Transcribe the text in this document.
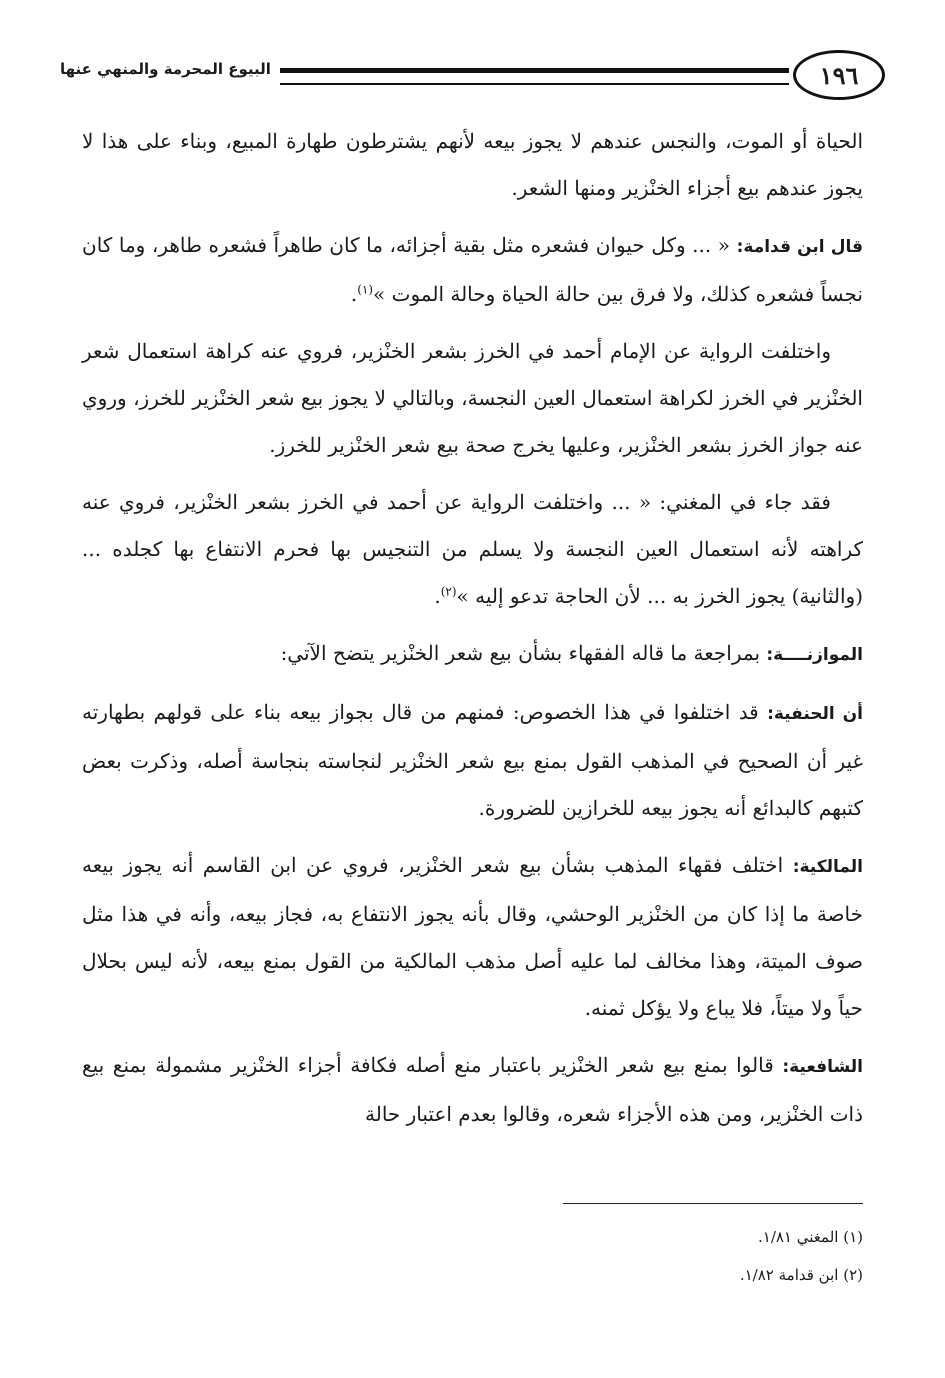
١٩٦
البيوع المحرمة والمنهي عنها

الحياة أو الموت، والنجس عندهم لا يجوز بيعه لأنهم يشترطون طهارة المبيع، وبناء على هذا لا يجوز عندهم بيع أجزاء الخنْزير ومنها الشعر.

قال ابن قدامة: « ... وكل حيوان فشعره مثل بقية أجزائه، ما كان طاهراً فشعره طاهر، وما كان نجساً فشعره كذلك، ولا فرق بين حالة الحياة وحالة الموت »$^{(١)}$.

واختلفت الرواية عن الإمام أحمد في الخرز بشعر الخنْزير، فروي عنه كراهة استعمال شعر الخنْزير في الخرز لكراهة استعمال العين النجسة، وبالتالي لا يجوز بيع شعر الخنْزير للخرز، وروي عنه جواز الخرز بشعر الخنْزير، وعليها يخرج صحة بيع شعر الخنْزير للخرز.

فقد جاء في المغني: « ... واختلفت الرواية عن أحمد في الخرز بشعر الخنْزير، فروي عنه كراهته لأنه استعمال العين النجسة ولا يسلم من التنجيس بها فحرم الانتفاع بها كجلده ... (والثانية) يجوز الخرز به ... لأن الحاجة تدعو إليه »$^{(٢)}$.

الموازنــــة: بمراجعة ما قاله الفقهاء بشأن بيع شعر الخنْزير يتضح الآتي:

أن الحنفية: قد اختلفوا في هذا الخصوص: فمنهم من قال بجواز بيعه بناء على قولهم بطهارته غير أن الصحيح في المذهب القول بمنع بيع شعر الخنْزير لنجاسته بنجاسة أصله، وذكرت بعض كتبهم كالبدائع أنه يجوز بيعه للخرازين للضرورة.

المالكية: اختلف فقهاء المذهب بشأن بيع شعر الخنْزير، فروي عن ابن القاسم أنه يجوز بيعه خاصة ما إذا كان من الخنْزير الوحشي، وقال بأنه يجوز الانتفاع به، فجاز بيعه، وأنه في هذا مثل صوف الميتة، وهذا مخالف لما عليه أصل مذهب المالكية من القول بمنع بيعه، لأنه ليس بحلال حياً ولا ميتاً، فلا يباع ولا يؤكل ثمنه.

الشافعية: قالوا بمنع بيع شعر الخنْزير باعتبار منع أصله فكافة أجزاء الخنْزير مشمولة بمنع بيع ذات الخنْزير، ومن هذه الأجزاء شعره، وقالوا بعدم اعتبار حالة

(١) المغني ١/٨١.

(٢) ابن قدامة ١/٨٢.
